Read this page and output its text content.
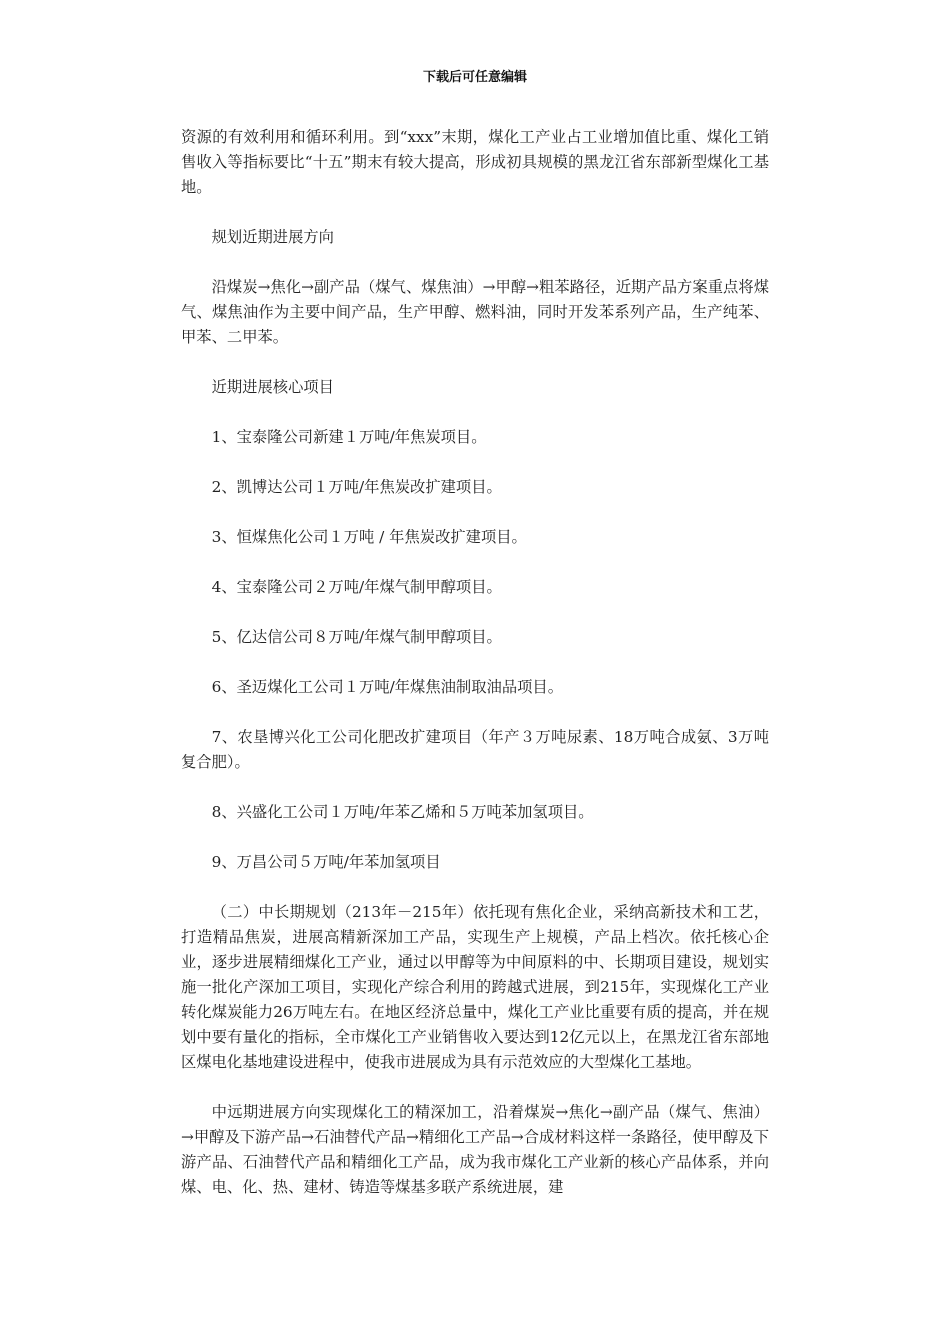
下载后可任意编辑

资源的有效利用和循环利用。到“xxx”末期，煤化工产业占工业增加值比重、煤化工销售收入等指标要比“十五”期末有较大提高，形成初具规模的黑龙江省东部新型煤化工基地。

规划近期进展方向

沿煤炭→焦化→副产品（煤气、煤焦油）→甲醇→粗苯路径，近期产品方案重点将煤气、煤焦油作为主要中间产品，生产甲醇、燃料油，同时开发苯系列产品，生产纯苯、甲苯、二甲苯。

近期进展核心项目

1、宝泰隆公司新建１万吨/年焦炭项目。

2、凯博达公司１万吨/年焦炭改扩建项目。

3、恒煤焦化公司１万吨 / 年焦炭改扩建项目。

4、宝泰隆公司２万吨/年煤气制甲醇项目。

5、亿达信公司８万吨/年煤气制甲醇项目。

6、圣迈煤化工公司１万吨/年煤焦油制取油品项目。

7、农垦博兴化工公司化肥改扩建项目（年产３万吨尿素、18万吨合成氨、3万吨复合肥）。

8、兴盛化工公司１万吨/年苯乙烯和５万吨苯加氢项目。

9、万昌公司５万吨/年苯加氢项目

（二）中长期规划（213年－215年）依托现有焦化企业，采纳高新技术和工艺，打造精品焦炭，进展高精新深加工产品，实现生产上规模，产品上档次。依托核心企业，逐步进展精细煤化工产业，通过以甲醇等为中间原料的中、长期项目建设，规划实施一批化产深加工项目，实现化产综合利用的跨越式进展，到215年，实现煤化工产业转化煤炭能力26万吨左右。在地区经济总量中，煤化工产业比重要有质的提高，并在规划中要有量化的指标，全市煤化工产业销售收入要达到12亿元以上，在黑龙江省东部地区煤电化基地建设进程中，使我市进展成为具有示范效应的大型煤化工基地。

中远期进展方向实现煤化工的精深加工，沿着煤炭→焦化→副产品（煤气、焦油）→甲醇及下游产品→石油替代产品→精细化工产品→合成材料这样一条路径，使甲醇及下游产品、石油替代产品和精细化工产品，成为我市煤化工产业新的核心产品体系，并向煤、电、化、热、建材、铸造等煤基多联产系统进展，建
